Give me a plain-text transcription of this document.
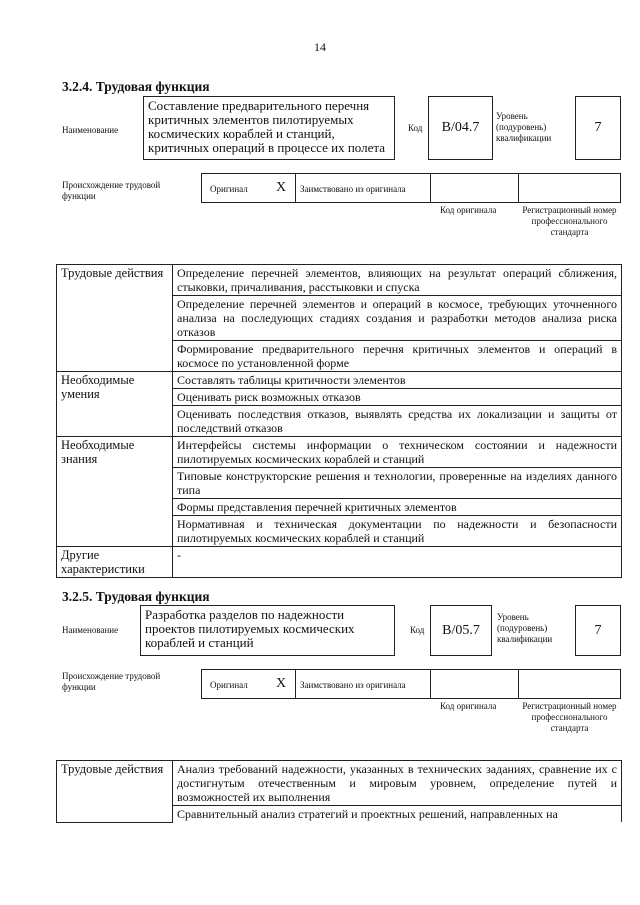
14
3.2.4. Трудовая функция
Наименование
Составление предварительного перечня критичных элементов пилотируемых космических кораблей и станций, критичных операций в процессе их полета
Код	B/04.7
Уровень (подуровень) квалификации
7
Происхождение трудовой функции
Оригинал X Заимствовано из оригинала
Код оригинала	Регистрационный номер профессионального стандарта
Трудовые действия	Определение перечней элементов, влияющих на результат операций сближения, стыковки, причаливания, расстыковки и спуска
	Определение перечней элементов и операций в космосе, требующих уточненного анализа на последующих стадиях создания и разработки методов анализа риска отказов
	Формирование предварительного перечня критичных элементов и операций в космосе по установленной форме
Необходимые умения	Составлять таблицы критичности элементов
	Оценивать риск возможных отказов
	Оценивать последствия отказов, выявлять средства их локализации и защиты от последствий отказов
Необходимые знания	Интерфейсы системы информации о техническом состоянии и надежности пилотируемых космических кораблей и станций
	Типовые конструкторские решения и технологии, проверенные на изделиях данного типа
	Формы представления перечней критичных элементов
	Нормативная и техническая документации по надежности и безопасности пилотируемых космических кораблей и станций
Другие характеристики	-
3.2.5. Трудовая функция
Наименование
Разработка разделов по надежности проектов пилотируемых космических кораблей и станций
Код	B/05.7
Уровень (подуровень) квалификации
7
Происхождение трудовой функции	Оригинал X Заимствовано из оригинала
Код оригинала	Регистрационный номер профессионального стандарта
Трудовые действия	Анализ требований надежности, указанных в технических заданиях, сравнение их с достигнутым отечественным и мировым уровнем, определение путей и возможностей их выполнения
Сравнительный анализ стратегий и проектных решений, направленных на
